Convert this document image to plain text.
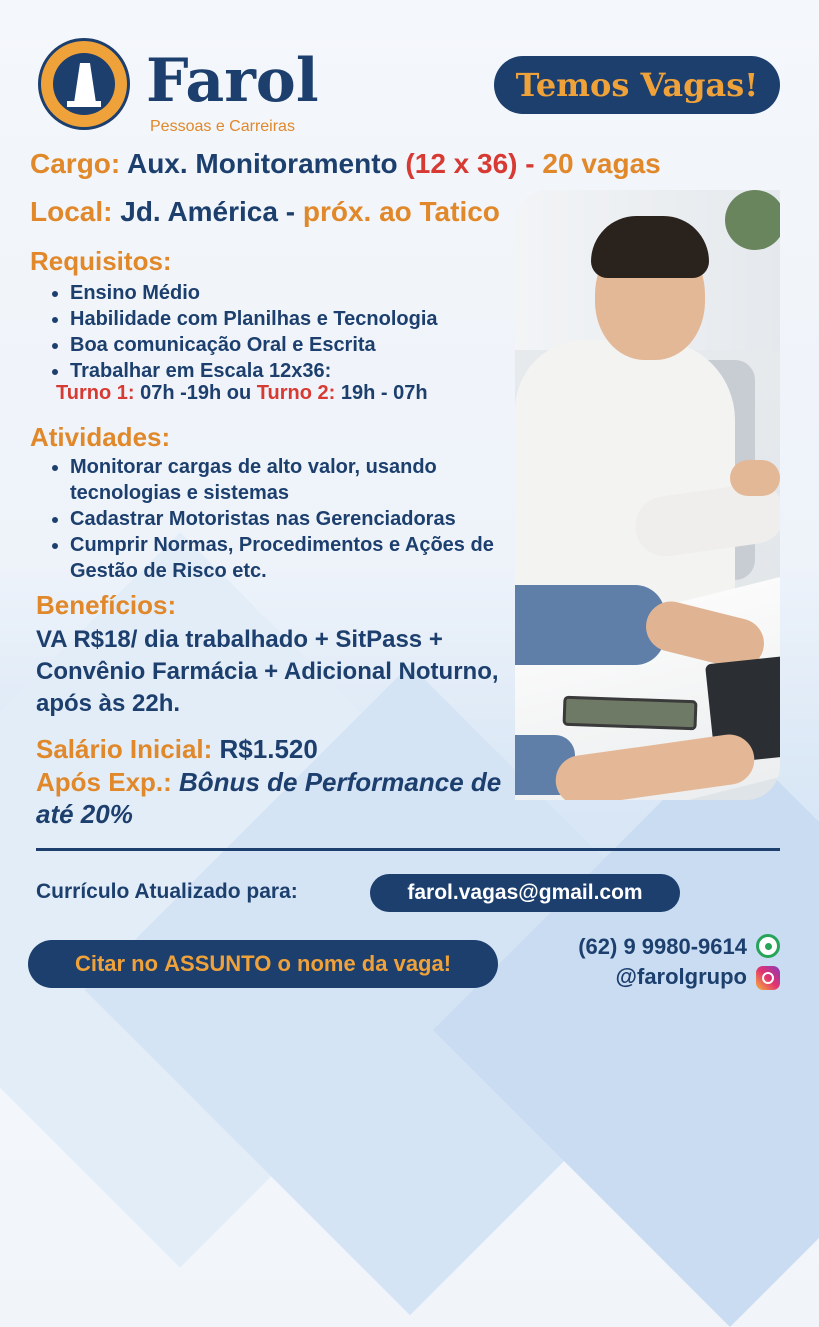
Farol
Pessoas e Carreiras
Temos Vagas!
Cargo: Aux. Monitoramento (12 x 36) - 20 vagas
Local: Jd. América - próx. ao Tatico
Requisitos:
• Ensino Médio
• Habilidade com Planilhas e Tecnologia
• Boa comunicação Oral e Escrita
• Trabalhar em Escala 12x36:
Turno 1: 07h -19h ou Turno 2: 19h - 07h
Atividades:
• Monitorar cargas de alto valor, usando tecnologias e sistemas
• Cadastrar Motoristas nas Gerenciadoras
• Cumprir Normas, Procedimentos e Ações de Gestão de Risco etc.
Benefícios:
VA R$18/ dia trabalhado + SitPass + Convênio Farmácia + Adicional Noturno, após às 22h.
Salário Inicial: R$1.520
Após Exp.: Bônus de Performance de até 20%
Currículo Atualizado para:	farol.vagas@gmail.com
Citar no ASSUNTO o nome da vaga!
(62) 9 9980-9614
@farolgrupo
